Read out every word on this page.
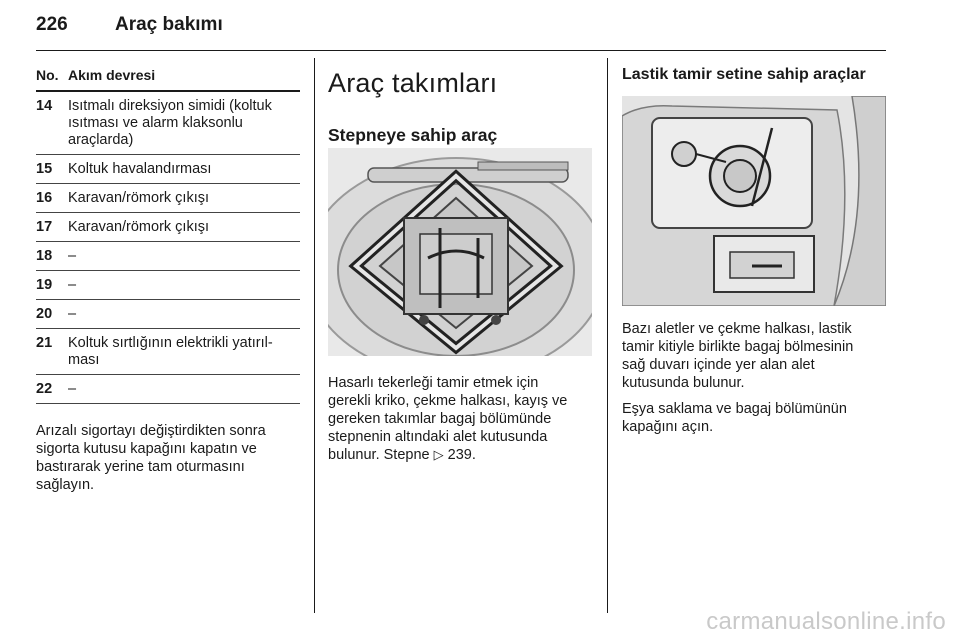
226 Araç bakımı
No. Akım devresi
14	Isıtmalı direksiyon simidi (koltuk
ısıtması ve alarm klaksonlu
araçlarda)
15	Koltuk havalandırması
16	Karavan/römork çıkışı
17	Karavan/römork çıkışı
18	–
19	–
20	–
21	Koltuk sırtlığının elektrikli yatırıl-
ması
22	–
Arızalı sigortayı değiştirdikten sonra
sigorta kutusu kapağını kapatın ve
bastırarak yerine tam oturmasını
sağlayın.
Araç takımları
Stepneye sahip araç
Hasarlı tekerleği tamir etmek için
gerekli kriko, çekme halkası, kayış ve
gereken takımlar bagaj bölümünde
stepnenin altındaki alet kutusunda
bulunur. Stepne ▷ 239.
Lastik tamir setine sahip araçlar
Bazı aletler ve çekme halkası, lastik
tamir kitiyle birlikte bagaj bölmesinin
sağ duvarı içinde yer alan alet
kutusunda bulunur.
Eşya saklama ve bagaj bölümünün
kapağını açın.
carmanualsonline.info
